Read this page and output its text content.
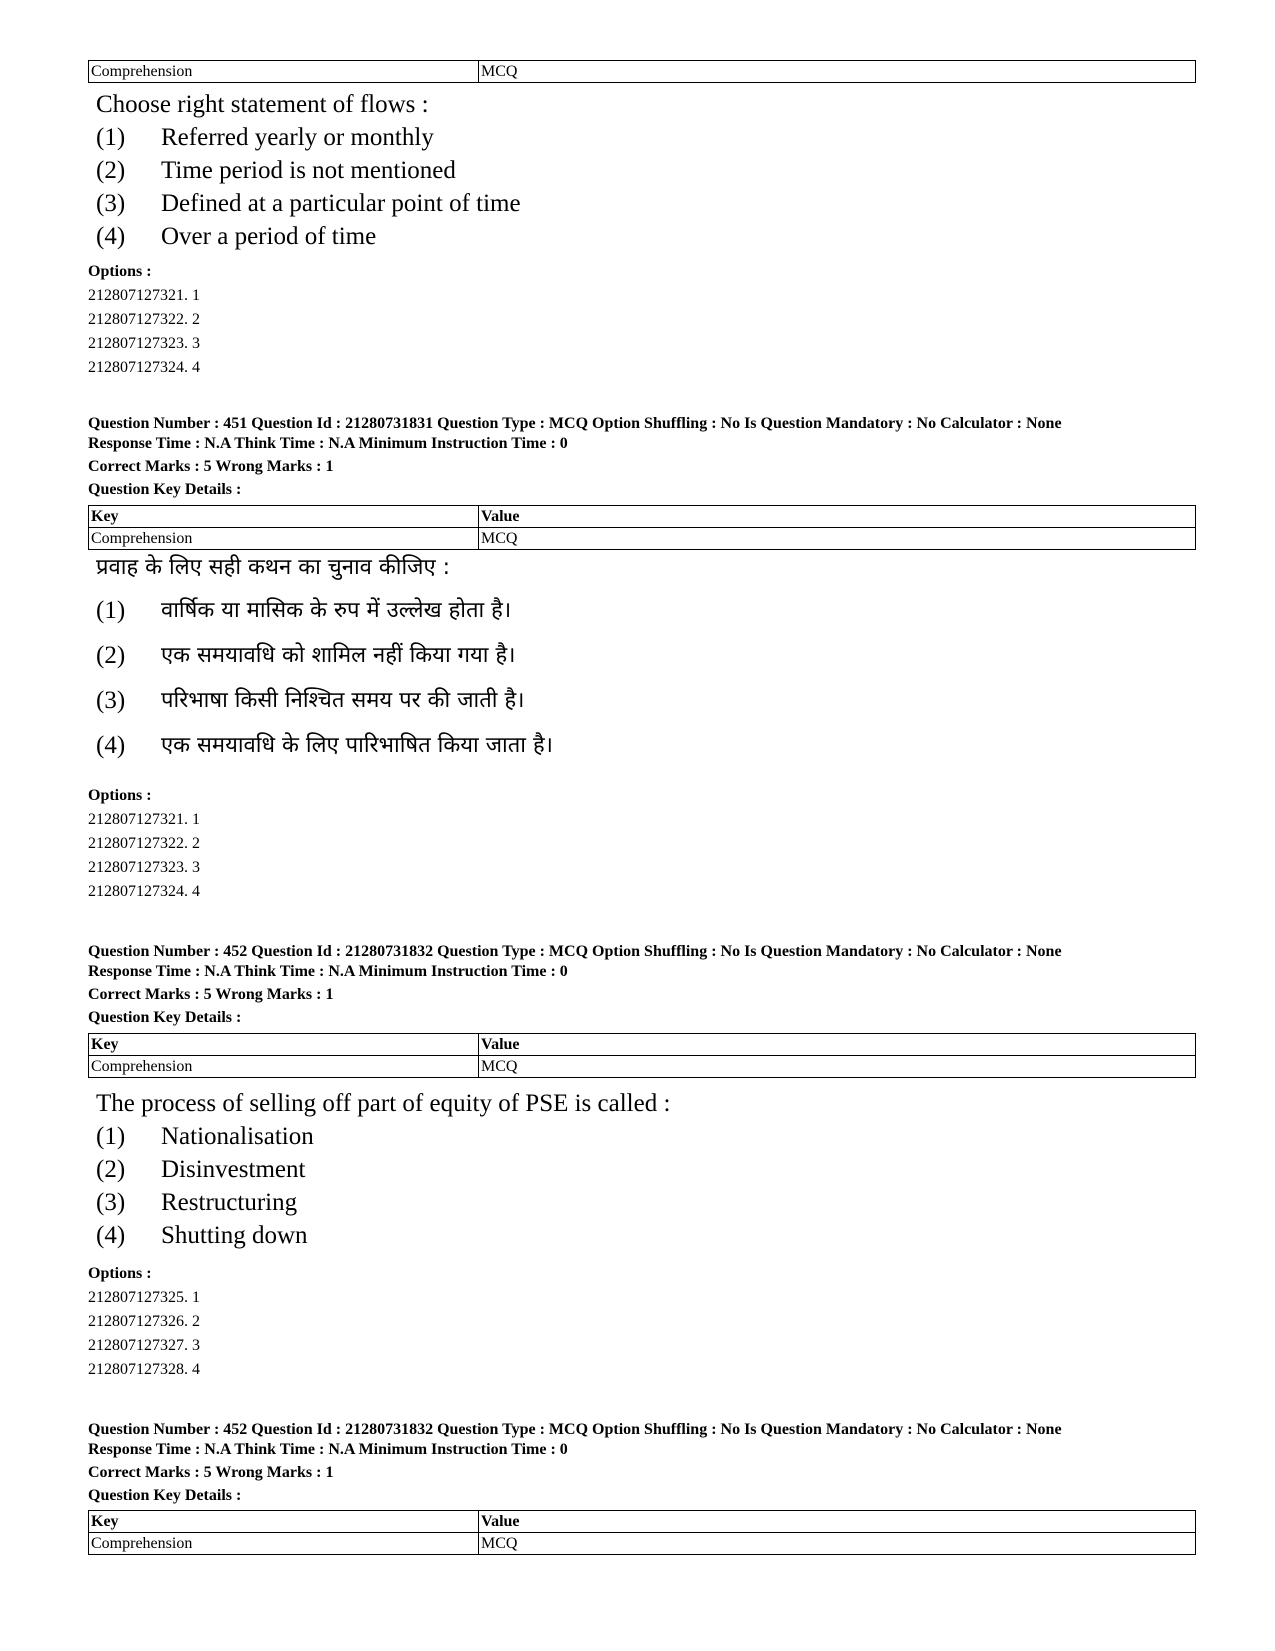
Comprehension	MCQ
Choose right statement of flows :
(1)	Referred yearly or monthly
(2)	Time period is not mentioned
(3)	Defined at a particular point of time
(4)	Over a period of time
Options :
212807127321. 1
212807127322. 2
212807127323. 3
212807127324. 4
Question Number : 451 Question Id : 21280731831 Question Type : MCQ Option Shuffling : No Is Question Mandatory : No Calculator : None
Response Time : N.A Think Time : N.A Minimum Instruction Time : 0
Correct Marks : 5 Wrong Marks : 1
Question Key Details :
Key	Value
Comprehension	MCQ
प्रवाह के लिए सही कथन का चुनाव कीजिए :
(1)	वार्षिक या मासिक के रुप में उल्लेख होता है।
(2)	एक समयावधि को शामिल नहीं किया गया है।
(3)	परिभाषा किसी निश्चित समय पर की जाती है।
(4)	एक समयावधि के लिए पारिभाषित किया जाता है।
Options :
212807127321. 1
212807127322. 2
212807127323. 3
212807127324. 4
Question Number : 452 Question Id : 21280731832 Question Type : MCQ Option Shuffling : No Is Question Mandatory : No Calculator : None
Response Time : N.A Think Time : N.A Minimum Instruction Time : 0
Correct Marks : 5 Wrong Marks : 1
Question Key Details :
Key	Value
Comprehension	MCQ
The process of selling off part of equity of PSE is called :
(1)	Nationalisation
(2)	Disinvestment
(3)	Restructuring
(4)	Shutting down
Options :
212807127325. 1
212807127326. 2
212807127327. 3
212807127328. 4
Question Number : 452 Question Id : 21280731832 Question Type : MCQ Option Shuffling : No Is Question Mandatory : No Calculator : None
Response Time : N.A Think Time : N.A Minimum Instruction Time : 0
Correct Marks : 5 Wrong Marks : 1
Question Key Details :
Key	Value
Comprehension	MCQ
